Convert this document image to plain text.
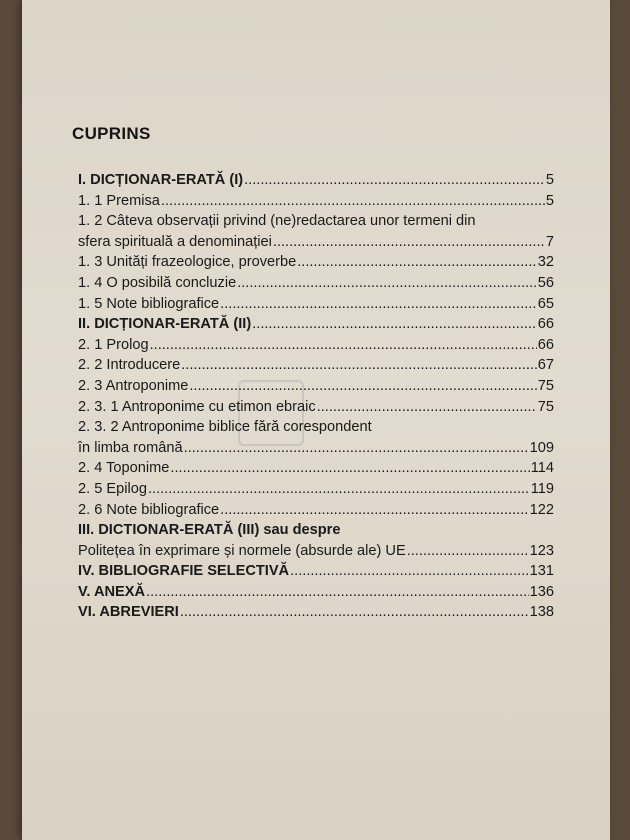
CUPRINS
I. DICȚIONAR-ERATĂ (I) .....	5
1. 1 Premisa .....	5
1. 2 Câteva observații privind (ne)redactarea unor termeni din
sfera spirituală a denominației .....	7
1. 3 Unități frazeologice, proverbe .....	32
1. 4 O posibilă concluzie .....	56
1. 5 Note bibliografice .....	65
II. DICȚIONAR-ERATĂ (II) .....	66
2. 1 Prolog .....	66
2. 2 Introducere .....	67
2. 3 Antroponime .....	75
2. 3. 1 Antroponime cu etimon ebraic .....	75
2. 3. 2 Antroponime biblice fără corespondent
în limba română .....	109
2. 4 Toponime .....	114
2. 5 Epilog .....	119
2. 6 Note bibliografice .....	122
III. DICTIONAR-ERATĂ (III) sau despre
Politețea în exprimare și normele (absurde ale) UE .....	123
IV. BIBLIOGRAFIE SELECTIVĂ .....	131
V. ANEXĂ .....	136
VI. ABREVIERI .....	138
